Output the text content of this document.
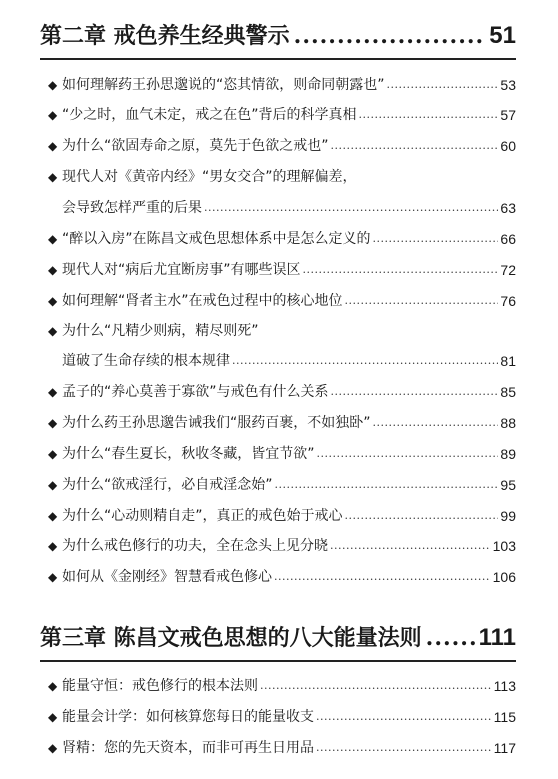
第二章 戒色养生经典警示 .....	51
◆ 如何理解药王孙思邈说的“恣其情欲，则命同朝露也” .....	53
◆ “少之时，血气未定，戒之在色”背后的科学真相 .....	57
◆ 为什么“欲固寿命之原，莫先于色欲之戒也” .....	60
◆ 现代人对《黄帝内经》“男女交合”的理解偏差，
会导致怎样严重的后果 .....	63
◆ “醉以入房”在陈昌文戒色思想体系中是怎么定义的 .....	66
◆ 现代人对“病后尤宜断房事”有哪些误区 .....	72
◆ 如何理解“肾者主水”在戒色过程中的核心地位 .....	76
◆ 为什么“凡精少则病，精尽则死”
道破了生命存续的根本规律 .....	81
◆ 孟子的“养心莫善于寡欲”与戒色有什么关系 .....	85
◆ 为什么药王孙思邈告诫我们“服药百裹，不如独卧” .....	88
◆ 为什么“春生夏长，秋收冬藏，皆宜节欲” .....	89
◆ 为什么“欲戒淫行，必自戒淫念始” .....	95
◆ 为什么“心动则精自走”，真正的戒色始于戒心 .....	99
◆ 为什么戒色修行的功夫，全在念头上见分晓 .....	103
◆ 如何从《金刚经》智慧看戒色修心 .....	106
第三章 陈昌文戒色思想的八大能量法则 ..... 111
◆ 能量守恒：戒色修行的根本法则 .....	113
◆ 能量会计学：如何核算您每日的能量收支 .....	115
◆ 肾精：您的先天资本，而非可再生日用品 .....	117
